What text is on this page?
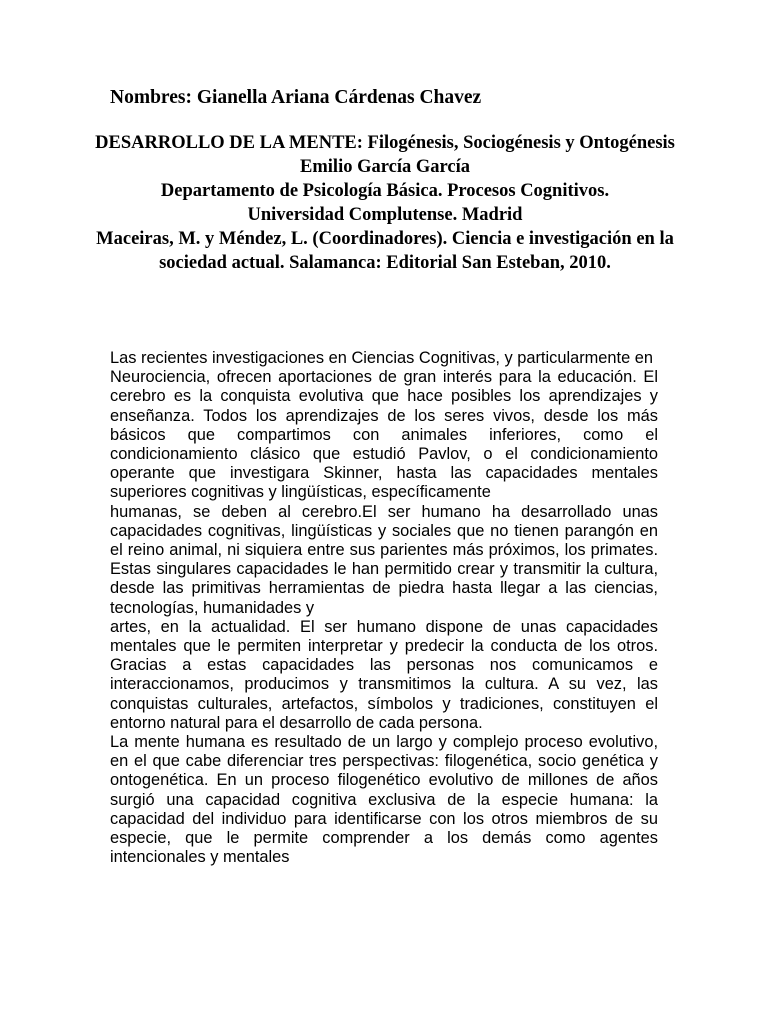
Nombres: Gianella Ariana Cárdenas Chavez
DESARROLLO DE LA MENTE: Filogénesis, Sociogénesis y Ontogénesis
Emilio García García
Departamento de Psicología Básica. Procesos Cognitivos.
Universidad Complutense. Madrid
Maceiras, M. y Méndez, L. (Coordinadores). Ciencia e investigación en la
sociedad actual. Salamanca: Editorial San Esteban, 2010.

Las recientes investigaciones en Ciencias Cognitivas, y particularmente en

Neurociencia, ofrecen aportaciones de gran interés para la educación. El cerebro es la conquista evolutiva que hace posibles los aprendizajes y enseñanza. Todos los aprendizajes de los seres vivos, desde los más básicos que compartimos con animales inferiores, como el condicionamiento clásico que estudió Pavlov, o el condicionamiento operante que investigara Skinner, hasta las capacidades mentales superiores cognitivas y lingüísticas, específicamente

humanas, se deben al cerebro.El ser humano ha desarrollado unas capacidades cognitivas, lingüísticas y sociales que no tienen parangón en el reino animal, ni siquiera entre sus parientes más próximos, los primates. Estas singulares capacidades le han permitido crear y transmitir la cultura, desde las primitivas herramientas de piedra hasta llegar a las ciencias, tecnologías, humanidades y

artes, en la actualidad. El ser humano dispone de unas capacidades mentales que le permiten interpretar y predecir la conducta de los otros. Gracias a estas capacidades las personas nos comunicamos e interaccionamos, producimos y transmitimos la cultura. A su vez, las conquistas culturales, artefactos, símbolos y tradiciones, constituyen el entorno natural para el desarrollo de cada persona.

La mente humana es resultado de un largo y complejo proceso evolutivo, en el que cabe diferenciar tres perspectivas: filogenética, socio genética y ontogenética. En un proceso filogenético evolutivo de millones de años surgió una capacidad cognitiva exclusiva de la especie humana: la capacidad del individuo para identificarse con los otros miembros de su especie, que le permite comprender a los demás como agentes intencionales y mentales
